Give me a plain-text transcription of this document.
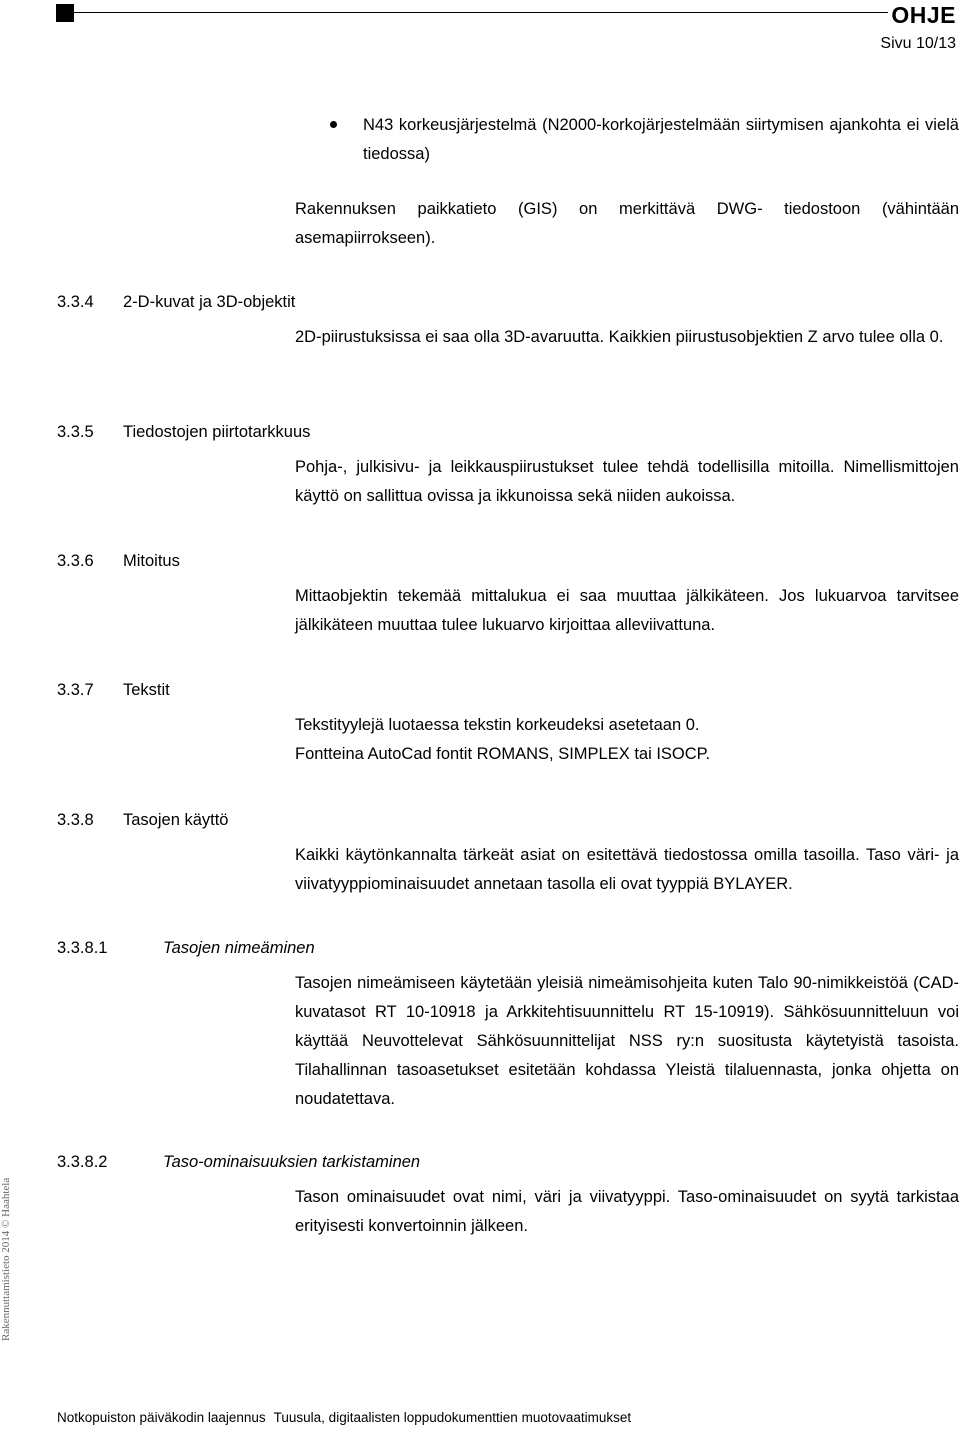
OHJE
Sivu 10/13
N43 korkeusjärjestelmä (N2000-korkojärjestelmään siirtymisen ajankohta ei vielä tiedossa)
Rakennuksen paikkatieto (GIS) on merkittävä DWG- tiedostoon (vähintään asemapiirrokseen).
3.3.4 2-D-kuvat ja 3D-objektit
2D-piirustuksissa ei saa olla 3D-avaruutta. Kaikkien piirustusobjektien Z arvo tulee olla 0.
3.3.5 Tiedostojen piirtotarkkuus
Pohja-, julkisivu- ja leikkauspiirustukset tulee tehdä todellisilla mitoilla. Nimellismittojen käyttö on sallittua ovissa ja ikkunoissa sekä niiden aukoissa.
3.3.6 Mitoitus
Mittaobjektin tekemää mittalukua ei saa muuttaa jälkikäteen. Jos lukuarvoa tarvitsee jälkikäteen muuttaa tulee lukuarvo kirjoittaa alleviivattuna.
3.3.7 Tekstit
Tekstityylejä luotaessa tekstin korkeudeksi asetetaan 0.
Fontteina AutoCad fontit ROMANS, SIMPLEX tai ISOCP.
3.3.8 Tasojen käyttö
Kaikki käytönkannalta tärkeät asiat on esitettävä tiedostossa omilla tasoilla. Taso väri- ja viivatyyppiominaisuudet annetaan tasolla eli ovat tyyppiä BYLAYER.
3.3.8.1	Tasojen nimeäminen
Tasojen nimeämiseen käytetään yleisiä nimeämisohjeita kuten Talo 90-nimikkeistöä (CAD-kuvatasot RT 10-10918 ja Arkkitehtisuunnittelu RT 15-10919). Sähkösuunnitteluun voi käyttää Neuvottelevat Sähkösuunnittelijat NSS ry:n suositusta käytetyistä tasoista. Tilahallinnan tasoasetukset esitetään kohdassa Yleistä tilaluennasta, jonka ohjetta on noudatettava.
Rakennuttamistieto 2014 © Haahtela
3.3.8.2	Taso-ominaisuuksien tarkistaminen
Tason ominaisuudet ovat nimi, väri ja viivatyyppi. Taso-ominaisuudet on syytä tarkistaa erityisesti konvertoinnin jälkeen.
Notkopuiston päiväkodin laajennus Tuusula, digitaalisten loppudokumenttien muotovaatimukset
